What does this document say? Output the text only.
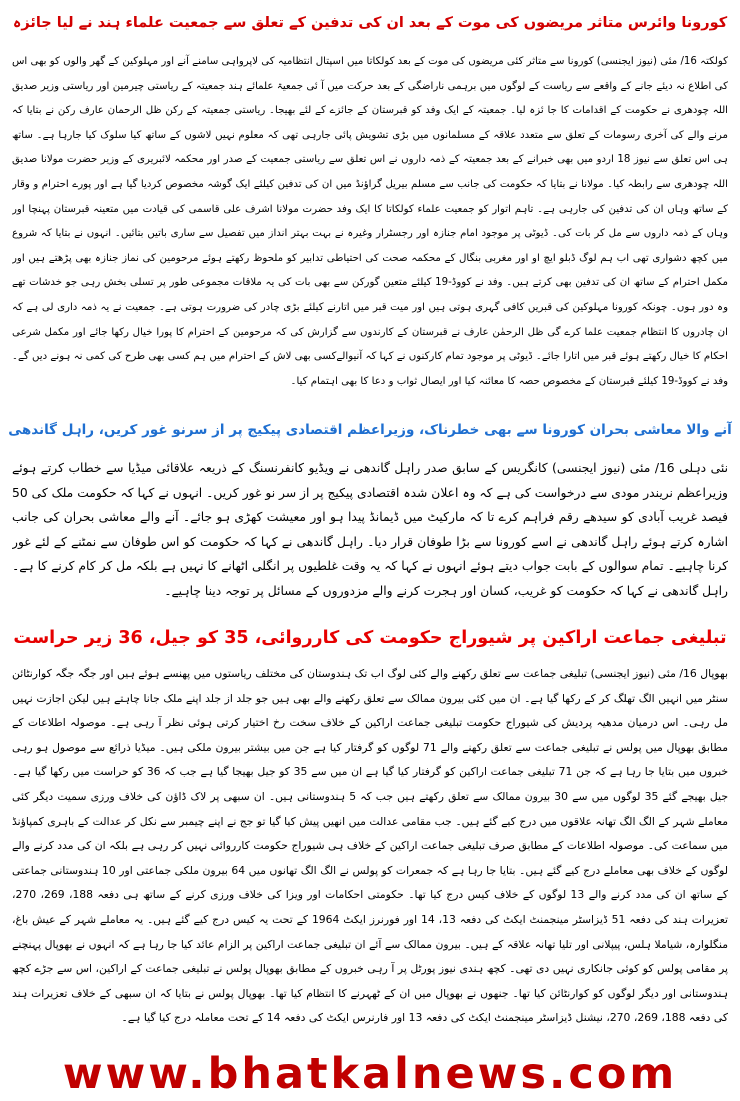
کورونا وائرس متاثر مریضوں کی موت کے بعد ان کی تدفین کے تعلق سے جمعیت علماء ہند نے لیا جائزہ

کولکتہ 16/ مئی (نیوز ایجنسی) کورونا سے متاثر کئی مریضوں کی موت کے بعد کولکاتا میں اسپتال انتظامیہ کی لاپرواہی سامنے آنے اور مہلوکین کے گھر والوں کو بھی اس کی اطلاع نہ دیئے جانے کے واقعے سے ریاست کے لوگوں میں برہمی ناراضگی کے بعد حرکت میں آ ئی جمعیۃ علمائے ہند جمعیتہ کے ریاستی چیرمین اور ریاستی وزیر صدیق اللہ چودھری نے حکومت کے اقدامات کا جا ئزہ لیا۔ جمعیتہ کے ایک وفد کو قبرستان کے جائزے کے لئے بھیجا۔ ریاستی جمعیتہ کے رکن ظل الرحمان عارف رکن نے بتایا کہ مرنے والے کی آخری رسومات کے تعلق سے متعدد علاقہ کے مسلمانوں میں بڑی تشویش پائی جارہی تھی کہ معلوم نہیں لاشوں کے ساتھ کیا سلوک کیا جارہا ہے۔ ساتھ ہی اس تعلق سے نیوز 18 اردو میں بھی خبرانے کے بعد جمعیتہ کے ذمہ داروں نے اس تعلق سے ریاستی جمعیت کے صدر اور محکمہ لائبریری کے وزیر حضرت مولانا صدیق اللہ چودھری سے رابطہ کیا۔ مولانا نے بتایا کہ حکومت کی جانب سے مسلم بیریل گراؤنڈ میں ان کی تدفین کیلئے ایک گوشہ مخصوص کردیا گیا ہے اور پورے احترام و وقار کے ساتھ وہاں ان کی تدفین کی جارہی ہے۔ تاہم اتوار کو جمعیت علماء کولکاتا کا ایک وفد حضرت مولانا اشرف علی قاسمی کی قیادت میں متعینہ قبرستان پہنچا اور وہاں کے ذمہ داروں سے مل کر بات کی۔ ڈیوٹی پر موجود امام جنازہ اور رجسٹرار وغیرہ نے بہت بہتر انداز میں تفصیل سے ساری باتیں بتائیں۔ انہوں نے بتایا کہ شروع میں کچھ دشواری تھی اب ہم لوگ ڈبلو ایچ او اور مغربی بنگال کے محکمہ صحت کی احتیاطی تدابیر کو ملحوظ رکھتے ہوئے مرحومین کی نماز جنازہ بھی پڑھتے ہیں اور مکمل احترام کے ساتھ ان کی تدفین بھی کرتے ہیں۔ وفد نے کووڈ-19 کیلئے متعین گورکن سے بھی بات کی یہ ملاقات مجموعی طور پر تسلی بخش رہی جو خدشات تھے وہ دور ہوں۔ چونکہ کورونا مہلوکین کی قبریں کافی گہری ہوتی ہیں اور میت قبر میں اتارنے کیلئے بڑی چادر کی ضرورت ہوتی ہے۔ جمعیت نے یہ ذمہ داری لی ہے کہ ان چادروں کا انتظام جمعیت علما کرے گی ظل الرحمٰن عارف نے قبرستان کے کارندوں سے گزارش کی کہ مرحومین کے احترام کا پورا خیال رکھا جائے اور مکمل شرعی احکام کا خیال رکھتے ہوئے قبر میں اتارا جائے۔ ڈیوٹی پر موجود تمام کارکنوں نے کہا کہ آنیوالےکسی بھی لاش کے احترام میں ہم کسی بھی طرح کی کمی نہ ہونے دیں گے۔ وفد نے کووڈ-19 کیلئے قبرستان کے مخصوص حصہ کا معائنہ کیا اور ایصال ثواب و دعا کا بھی اہتمام کیا۔

آنے والا معاشی بحران کورونا سے بھی خطرناک، وزیراعظم اقتصادی پیکیج پر از سرنو غور کریں، راہل گاندھی

نئی دہلی 16/ مئی (نیوز ایجنسی) کانگریس کے سابق صدر راہل گاندھی نے ویڈیو کانفرنسنگ کے ذریعہ علاقائی میڈیا سے خطاب کرتے ہوئے وزیراعظم نریندر مودی سے درخواست کی ہے کہ وہ اعلان شدہ اقتصادی پیکیج پر از سر نو غور کریں۔ انہوں نے کہا کہ حکومت ملک کی 50 فیصد غریب آبادی کو سیدھے رقم فراہم کرے تا کہ مارکیٹ میں ڈیمانڈ پیدا ہو اور معیشت کھڑی ہو جائے۔ آنے والے معاشی بحران کی جانب اشارہ کرتے ہوئے راہل گاندھی نے اسے کورونا سے بڑا طوفان قرار دیا۔ راہل گاندھی نے کہا کہ حکومت کو اس طوفان سے نمٹنے کے لئے غور کرنا چاہیے۔ تمام سوالوں کے بابت جواب دیتے ہوئے انہوں نے کہا کہ یہ وقت غلطیوں پر انگلی اٹھانے کا نہیں ہے بلکہ مل کر کام کرنے کا ہے۔ راہل گاندھی نے کہا کہ حکومت کو غریب، کسان اور ہجرت کرنے والے مزدوروں کے مسائل پر توجہ دینا چاہیے۔

تبلیغی جماعت اراکین پر شیوراج حکومت کی کارروائی، 35 کو جیل، 36 زیر حراست

بھوپال 16/ مئی (نیوز ایجنسی) تبلیغی جماعت سے تعلق رکھنے والے کئی لوگ اب تک ہندوستان کی مختلف ریاستوں میں پھنسے ہوئے ہیں اور جگہ جگہ کوارنٹائن سنٹر میں انہیں الگ تھلگ کر کے رکھا گیا ہے۔ ان میں کئی بیرون ممالک سے تعلق رکھنے والے بھی ہیں جو جلد از جلد اپنے ملک جانا چاہتے ہیں لیکن اجازت نہیں مل رہی۔ اس درمیان مدھیہ پردیش کی شیوراج حکومت تبلیغی جماعت اراکین کے خلاف سخت رخ اختیار کرتی ہوئی نظر آ رہی ہے۔ موصولہ اطلاعات کے مطابق بھوپال میں پولس نے تبلیغی جماعت سے تعلق رکھنے والے 71 لوگوں کو گرفتار کیا ہے جن میں بیشتر بیرون ملکی ہیں۔ میڈیا ذرائع سے موصول ہو رہی خبروں میں بتایا جا رہا ہے کہ جن 71 تبلیغی جماعت اراکین کو گرفتار کیا گیا ہے ان میں سے 35 کو جیل بھیجا گیا ہے جب کہ 36 کو حراست میں رکھا گیا ہے۔ جیل بھیجے گئے 35 لوگوں میں سے 30 بیرون ممالک سے تعلق رکھتے ہیں جب کہ 5 ہندوستانی ہیں۔ ان سبھی پر لاک ڈاؤن کی خلاف ورزی سمیت دیگر کئی معاملے شہر کے الگ الگ تھانہ علاقوں میں درج کیے گئے ہیں۔ جب مقامی عدالت میں انھیں پیش کیا گیا تو جج نے اپنے چیمبر سے نکل کر عدالت کے باہری کمپاؤنڈ میں سماعت کی۔ موصولہ اطلاعات کے مطابق صرف تبلیغی جماعت اراکین کے خلاف ہی شیوراج حکومت کارروائی نہیں کر رہی ہے بلکہ ان کی مدد کرنے والے لوگوں کے خلاف بھی معاملے درج کیے گئے ہیں۔ بتایا جا رہا ہے کہ جمعرات کو پولس نے الگ الگ تھانوں میں 64 بیرون ملکی جماعتی اور 10 ہندوستانی جماعتی کے ساتھ ان کی مدد کرنے والے 13 لوگوں کے خلاف کیس درج کیا تھا۔ حکومتی احکامات اور ویزا کی خلاف ورزی کرنے کے ساتھ ہی دفعہ 188، 269، 270، تعزیرات ہند کی دفعہ 51 ڈیزاسٹر مینجمنٹ ایکٹ کی دفعہ 13، 14 اور فورنرز ایکٹ 1964 کے تحت یہ کیس درج کیے گئے ہیں۔ یہ معاملے شہر کے عیش باغ، منگلوارہ، شیاملا ہلس، پیپلانی اور تلیا تھانہ علاقہ کے ہیں۔ بیرون ممالک سے آئے ان تبلیغی جماعت اراکین پر الزام عائد کیا جا رہا ہے کہ انہوں نے بھوپال پہنچنے پر مقامی پولس کو کوئی جانکاری نہیں دی تھی۔ کچھ ہندی نیوز پورٹل پر آ رہی خبروں کے مطابق بھوپال پولس نے تبلیغی جماعت کے اراکین، اس سے جڑے کچھ ہندوستانی اور دیگر لوگوں کو کوارنٹائن کیا تھا۔ جنھوں نے بھوپال میں ان کے ٹھہرنے کا انتظام کیا تھا۔ بھوپال پولس نے بتایا کہ ان سبھی کے خلاف تعزیرات ہند کی دفعہ 188، 269، 270، نیشنل ڈیزاسٹر مینجمنٹ ایکٹ کی دفعہ 13 اور فارنرس ایکٹ کی دفعہ 14 کے تحت معاملہ درج کیا گیا ہے۔

www.bhatkalnews.com
